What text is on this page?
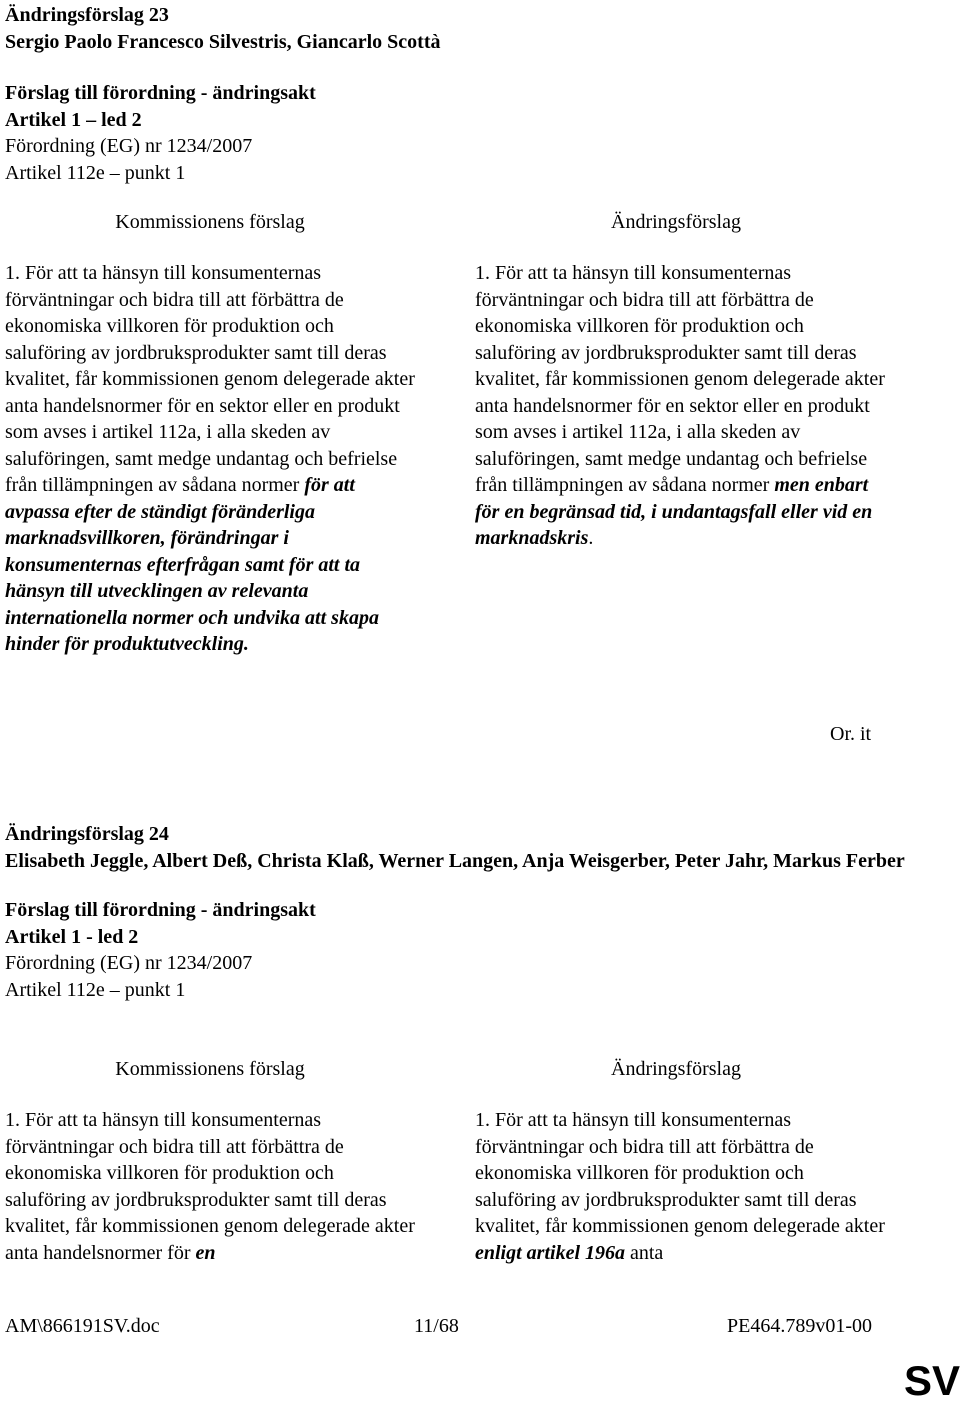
Ändringsförslag 23
Sergio Paolo Francesco Silvestris, Giancarlo Scottà
Förslag till förordning - ändringsakt
Artikel 1 – led 2
Förordning (EG) nr 1234/2007
Artikel 112e – punkt 1
Kommissionens förslag	Ändringsförslag
1. För att ta hänsyn till konsumenternas förväntningar och bidra till att förbättra de ekonomiska villkoren för produktion och saluföring av jordbruksprodukter samt till deras kvalitet, får kommissionen genom delegerade akter anta handelsnormer för en sektor eller en produkt som avses i artikel 112a, i alla skeden av saluföringen, samt medge undantag och befrielse från tillämpningen av sådana normer för att avpassa efter de ständigt föränderliga marknadsvillkoren, förändringar i konsumenternas efterfrågan samt för att ta hänsyn till utvecklingen av relevanta internationella normer och undvika att skapa hinder för produktutveckling.
1. För att ta hänsyn till konsumenternas förväntningar och bidra till att förbättra de ekonomiska villkoren för produktion och saluföring av jordbruksprodukter samt till deras kvalitet, får kommissionen genom delegerade akter anta handelsnormer för en sektor eller en produkt som avses i artikel 112a, i alla skeden av saluföringen, samt medge undantag och befrielse från tillämpningen av sådana normer men enbart för en begränsad tid, i undantagsfall eller vid en marknadskris.
Or. it
Ändringsförslag 24
Elisabeth Jeggle, Albert Deß, Christa Klaß, Werner Langen, Anja Weisgerber, Peter Jahr, Markus Ferber
Förslag till förordning - ändringsakt
Artikel 1 - led 2
Förordning (EG) nr 1234/2007
Artikel 112e – punkt 1
Kommissionens förslag	Ändringsförslag
1. För att ta hänsyn till konsumenternas förväntningar och bidra till att förbättra de ekonomiska villkoren för produktion och saluföring av jordbruksprodukter samt till deras kvalitet, får kommissionen genom delegerade akter anta handelsnormer för en
1. För att ta hänsyn till konsumenternas förväntningar och bidra till att förbättra de ekonomiska villkoren för produktion och saluföring av jordbruksprodukter samt till deras kvalitet, får kommissionen genom delegerade akter enligt artikel 196a anta
AM\866191SV.doc	11/68	PE464.789v01-00
SV
